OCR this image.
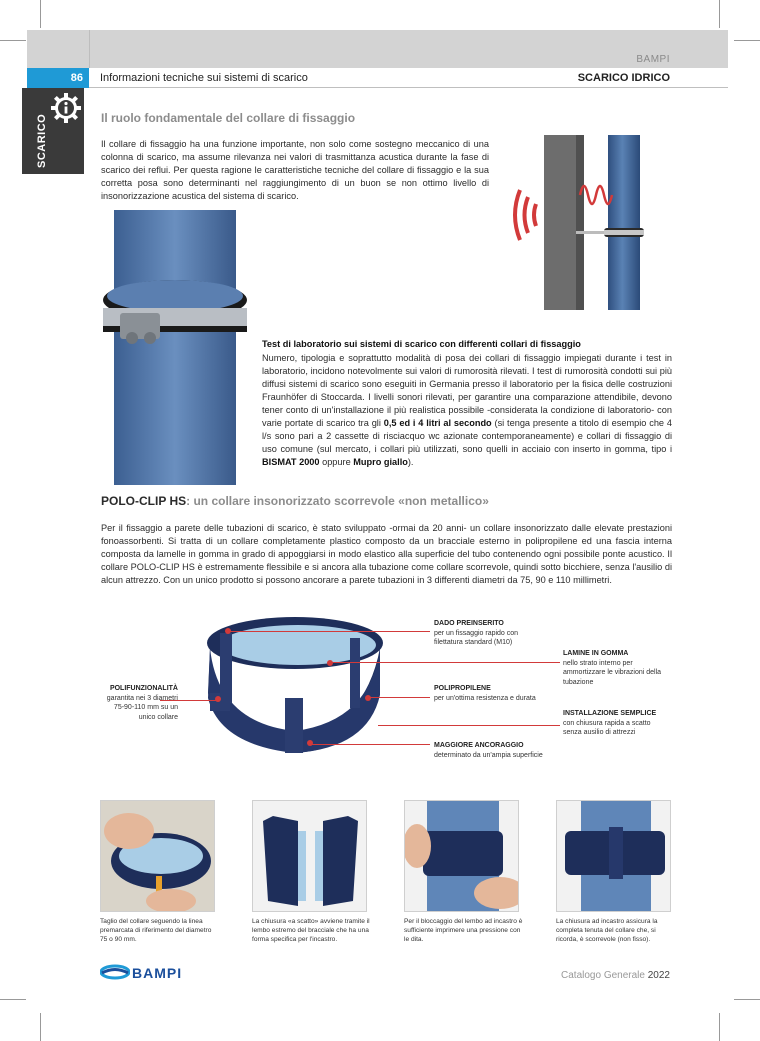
BAMPI
86	Informazioni tecniche sui sistemi di scarico	SCARICO IDRICO
SCARICO	Il ruolo fondamentale del collare di fissaggio
Il collare di fissaggio ha una funzione importante, non solo come sostegno meccanico di una colonna di scarico, ma assume rilevanza nei valori di trasmittanza acustica durante la fase di scarico dei reflui. Per questa ragione le caratteristiche tecniche del collare di fissaggio e la sua corretta posa sono determinanti nel raggiungimento di un buon se non ottimo livello di insonorizzazione acustica del sistema di scarico.
Test di laboratorio sui sistemi di scarico con differenti collari di fissaggio
Numero, tipologia e soprattutto modalità di posa dei collari di fissaggio impiegati durante i test in laboratorio, incidono notevolmente sui valori di rumorosità rilevati. I test di rumorosità condotti sui più diffusi sistemi di scarico sono eseguiti in Germania presso il laboratorio per la fisica delle costruzioni Fraunhöfer di Stoccarda. I livelli sonori rilevati, per garantire una comparazione attendibile, devono tener conto di un'installazione il più realistica possibile -considerata la condizione di laboratorio- con varie portate di scarico tra gli 0,5 ed i 4 litri al secondo (si tenga presente a titolo di esempio che 4 l/s sono pari a 2 cassette di risciacquo wc azionate contemporaneamente) e collari di fissaggio di uso comune (sul mercato, i collari più utilizzati, sono quelli in acciaio con inserto in gomma, tipo i BISMAT 2000 oppure Mupro giallo).
POLO-CLIP HS: un collare insonorizzato scorrevole «non metallico»
Per il fissaggio a parete delle tubazioni di scarico, è stato sviluppato -ormai da 20 anni- un collare insonorizzato dalle elevate prestazioni fonoassorbenti. Si tratta di un collare completamente plastico composto da un bracciale esterno in polipropilene ed una fascia interna composta da lamelle in gomma in grado di appoggiarsi in modo elastico alla superficie del tubo contenendo ogni possibile ponte acustico. Il collare POLO-CLIP HS è estremamente flessibile e si ancora alla tubazione come collare scorrevole, quindi sotto bicchiere, senza l'ausilio di alcun attrezzo. Con un unico prodotto si possono ancorare a parete tubazioni in 3 differenti diametri da 75, 90 e 110 millimetri.
DADO PREINSERITO
per un fissaggio rapido con filettatura standard (M10)
LAMINE IN GOMMA
nello strato interno per ammortizzare le vibrazioni della tubazione
POLIFUNZIONALITÀ
garantita nei 3 diametri 75-90-110 mm su un unico collare
POLIPROPILENE
per un'ottima resistenza e durata
INSTALLAZIONE SEMPLICE
con chiusura rapida a scatto senza ausilio di attrezzi
MAGGIORE ANCORAGGIO
determinato da un'ampia superficie
Taglio del collare seguendo la linea premarcata di riferimento del diametro 75 o 90 mm.
La chiusura «a scatto» avviene tramite il lembo estremo del bracciale che ha una forma specifica per l'incastro.
Per il bloccaggio del lembo ad incastro è sufficiente imprimere una pressione con le dita.
La chiusura ad incastro assicura la completa tenuta del collare che, si ricorda, è scorrevole (non fisso).
BAMPI	Catalogo Generale 2022
